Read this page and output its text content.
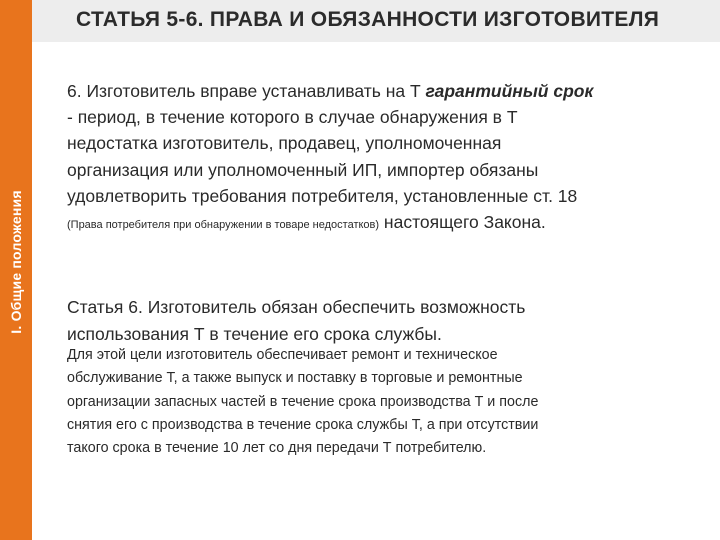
I. Общие положения
СТАТЬЯ 5-6. ПРАВА И ОБЯЗАННОСТИ ИЗГОТОВИТЕЛЯ

6. Изготовитель вправе устанавливать на Т гарантийный срок
- период, в течение которого в случае обнаружения в Т
недостатка изготовитель, продавец, уполномоченная
организация или уполномоченный ИП, импортер обязаны
удовлетворить требования потребителя, установленные ст. 18
(Права потребителя при обнаружении в товаре недостатков) настоящего Закона.

Статья 6. Изготовитель обязан обеспечить возможность
использования Т в течение его срока службы.

Для этой цели изготовитель обеспечивает ремонт и техническое
обслуживание Т, а также выпуск и поставку в торговые и ремонтные
организации запасных частей в течение срока производства Т и после
снятия его с производства в течение срока службы Т, а при отсутствии
такого срока в течение 10 лет со дня передачи Т потребителю.
